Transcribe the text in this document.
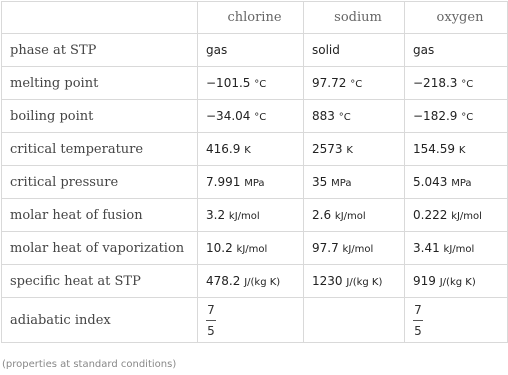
	chlorine	sodium	oxygen
phase at STP	gas	solid	gas
melting point	−101.5 °C	97.72 °C	−218.3 °C
boiling point	−34.04 °C	883 °C	−182.9 °C
critical temperature	416.9 K	2573 K	154.59 K
critical pressure	7.991 MPa	35 MPa	5.043 MPa
molar heat of fusion	3.2 kJ/mol	2.6 kJ/mol	0.222 kJ/mol
molar heat of vaporization	10.2 kJ/mol	97.7 kJ/mol	3.41 kJ/mol
specific heat at STP	478.2 J/(kg K)	1230 J/(kg K)	919 J/(kg K)
adiabatic index	$\frac{7}{5}$		$\frac{7}{5}$
(properties at standard conditions)
